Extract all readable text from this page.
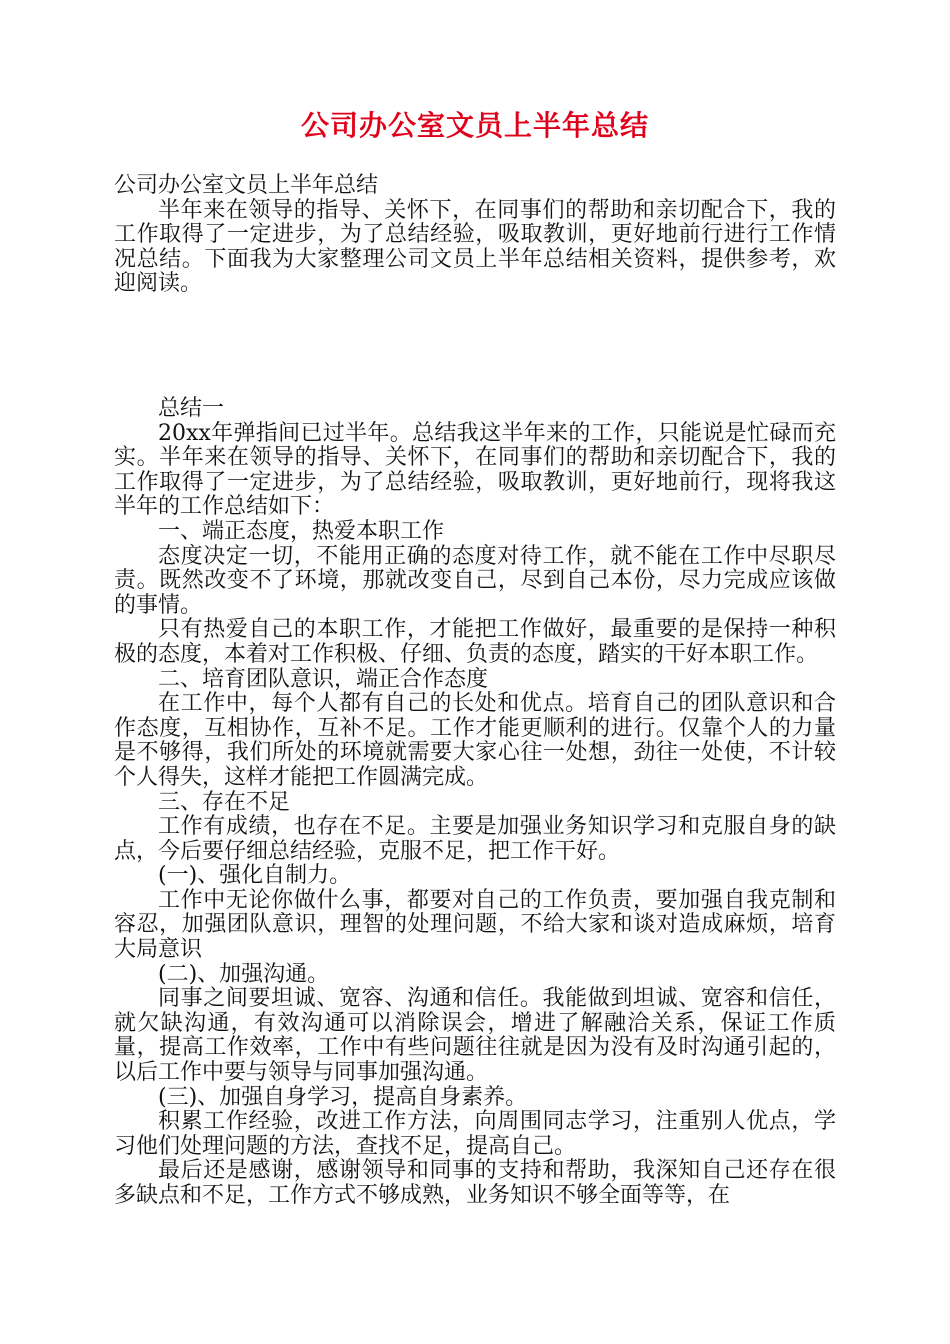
公司办公室文员上半年总结

公司办公室文员上半年总结

半年来在领导的指导、关怀下，在同事们的帮助和亲切配合下，我的工作取得了一定进步，为了总结经验，吸取教训，更好地前行进行工作情况总结。下面我为大家整理公司文员上半年总结相关资料，提供参考，欢迎阅读。

总结一

20xx年弹指间已过半年。总结我这半年来的工作，只能说是忙碌而充实。半年来在领导的指导、关怀下，在同事们的帮助和亲切配合下，我的工作取得了一定进步，为了总结经验，吸取教训，更好地前行，现将我这半年的工作总结如下：

一、端正态度，热爱本职工作

态度决定一切，不能用正确的态度对待工作，就不能在工作中尽职尽责。既然改变不了环境，那就改变自己，尽到自己本份，尽力完成应该做的事情。

只有热爱自己的本职工作，才能把工作做好，最重要的是保持一种积极的态度，本着对工作积极、仔细、负责的态度，踏实的干好本职工作。

二、培育团队意识，端正合作态度

在工作中，每个人都有自己的长处和优点。培育自己的团队意识和合作态度，互相协作，互补不足。工作才能更顺利的进行。仅靠个人的力量是不够得，我们所处的环境就需要大家心往一处想，劲往一处使，不计较个人得失，这样才能把工作圆满完成。

三、存在不足

工作有成绩，也存在不足。主要是加强业务知识学习和克服自身的缺点，今后要仔细总结经验，克服不足，把工作干好。

(一)、强化自制力。

工作中无论你做什么事，都要对自己的工作负责，要加强自我克制和容忍，加强团队意识，理智的处理问题，不给大家和谈对造成麻烦，培育大局意识

(二)、加强沟通。

同事之间要坦诚、宽容、沟通和信任。我能做到坦诚、宽容和信任，就欠缺沟通，有效沟通可以消除误会，增进了解融洽关系，保证工作质量，提高工作效率，工作中有些问题往往就是因为没有及时沟通引起的，以后工作中要与领导与同事加强沟通。

(三)、加强自身学习，提高自身素养。

积累工作经验，改进工作方法，向周围同志学习，注重别人优点，学习他们处理问题的方法，查找不足，提高自己。

最后还是感谢，感谢领导和同事的支持和帮助，我深知自己还存在很多缺点和不足，工作方式不够成熟，业务知识不够全面等等，在
